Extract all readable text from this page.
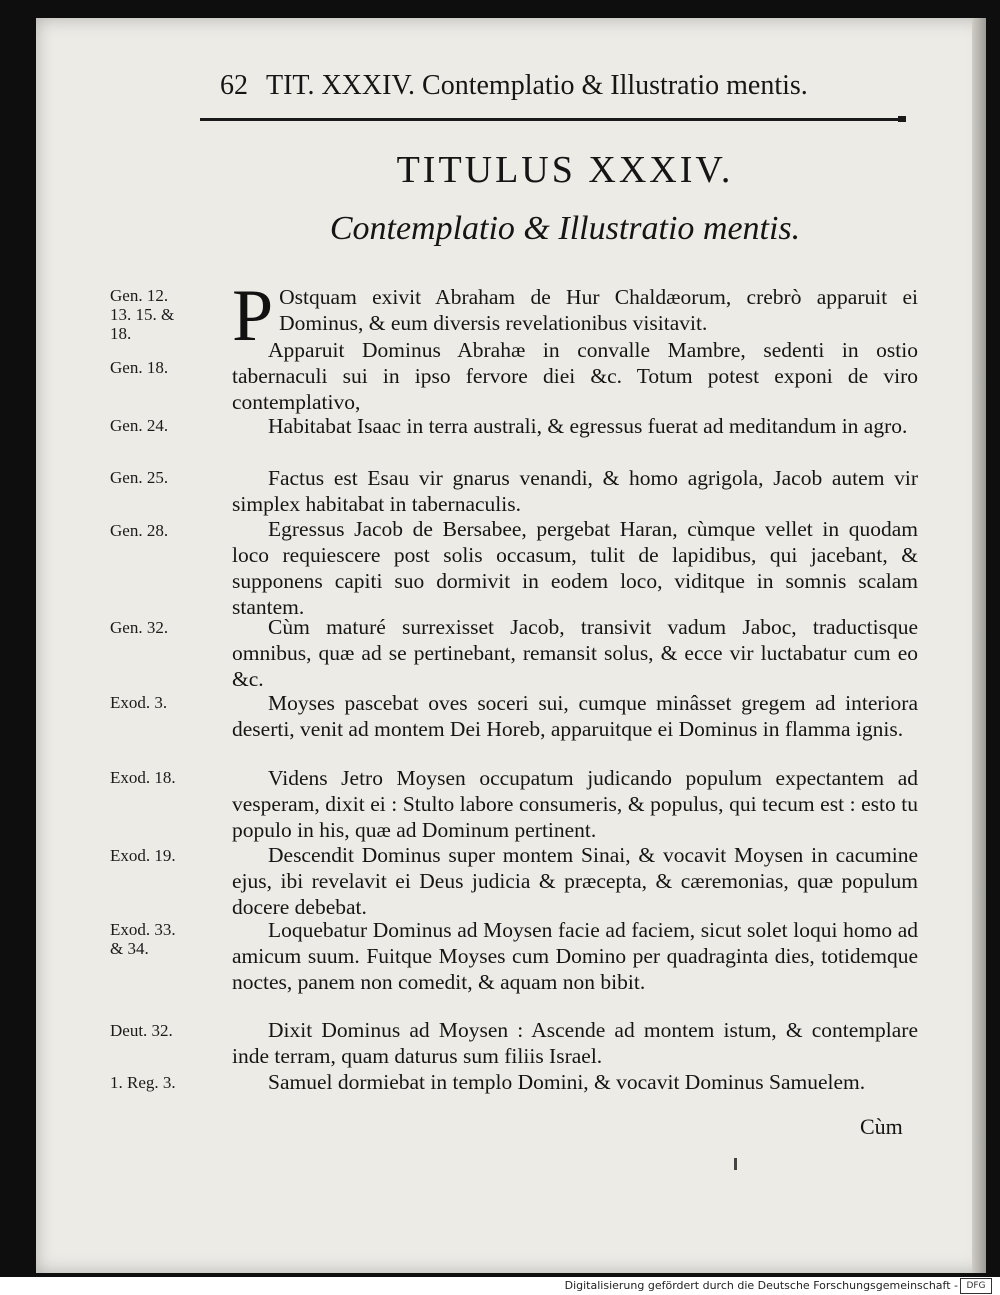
62 TIT. XXXIV. Contemplatio & Illustratio mentis.
TITULUS XXXIV.
Contemplatio & Illustratio mentis.
Gen. 12.
13. 15. &
18.
Gen. 18.
Gen. 24.
Gen. 25.
Gen. 28.
Gen. 32.
Exod. 3.
Exod. 18.
Exod. 19.
Exod. 33.
& 34.
Deut. 32.
1. Reg. 3.
P Ostquam exivit Abraham de Hur Chaldæorum, crebrò apparuit ei Dominus, & eum diversis revelationibus visitavit.
Apparuit Dominus Abrahæ in convalle Mambre, sedenti in ostio tabernaculi sui in ipso fervore diei &c. Totum potest exponi de viro contemplativo,
Habitabat Isaac in terra australi, & egressus fuerat ad meditandum in agro.
Factus est Esau vir gnarus venandi, & homo agrigola, Jacob autem vir simplex habitabat in tabernaculis.
Egressus Jacob de Bersabee, pergebat Haran, cùmque vellet in quodam loco requiescere post solis occasum, tulit de lapidibus, qui jacebant, & supponens capiti suo dormivit in eodem loco, viditque in somnis scalam stantem.
Cùm maturé surrexisset Jacob, transivit vadum Jaboc, traductisque omnibus, quæ ad se pertinebant, remansit solus, & ecce vir luctabatur cum eo &c.
Moyses pascebat oves soceri sui, cumque minâsset gregem ad interiora deserti, venit ad montem Dei Horeb, apparuitque ei Dominus in flamma ignis.
Videns Jetro Moysen occupatum judicando populum expectantem ad vesperam, dixit ei : Stulto labore consumeris, & populus, qui tecum est : esto tu populo in his, quæ ad Dominum pertinent.
Descendit Dominus super montem Sinai, & vocavit Moysen in cacumine ejus, ibi revelavit ei Deus judicia & præcepta, & cæremonias, quæ populum docere debebat.
Loquebatur Dominus ad Moysen facie ad faciem, sicut solet loqui homo ad amicum suum. Fuitque Moyses cum Domino per quadraginta dies, totidemque noctes, panem non comedit, & aquam non bibit.
Dixit Dominus ad Moysen : Ascende ad montem istum, & contemplare inde terram, quam daturus sum filiis Israel.
Samuel dormiebat in templo Domini, & vocavit Dominus Samuelem.
Cùm
Digitalisierung gefördert durch die Deutsche Forschungsgemeinschaft - DFG
